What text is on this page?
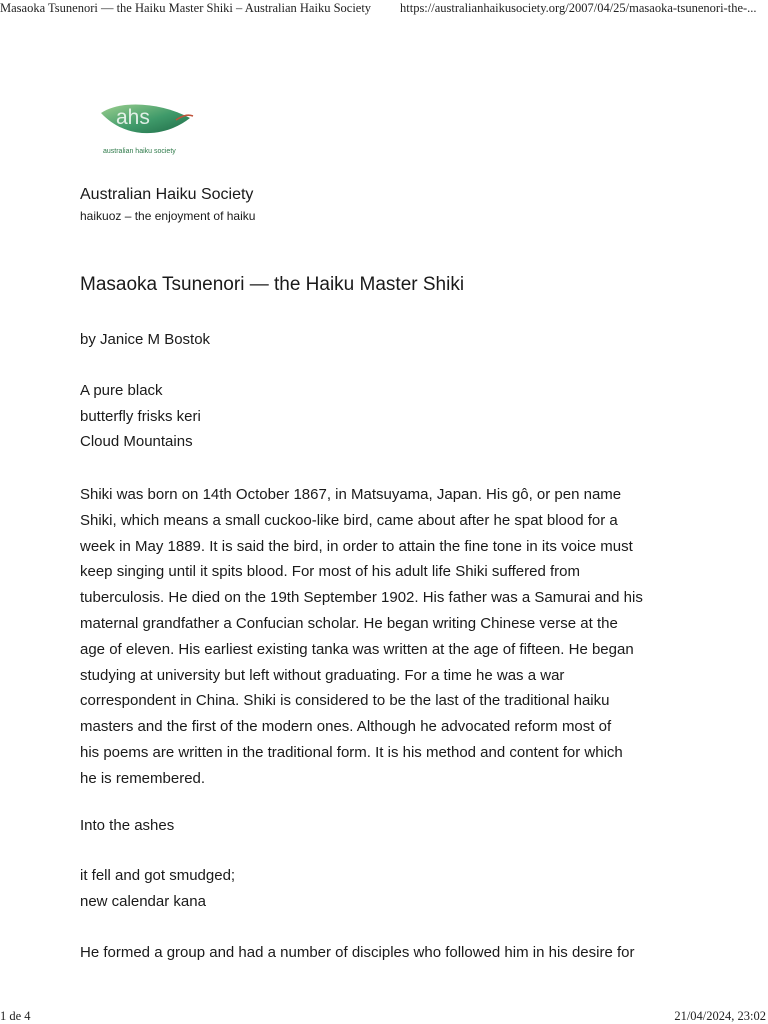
Masaoka Tsunenori — the Haiku Master Shiki – Australian Haiku Society https://australianhaikusociety.org/2007/04/25/masaoka-tsunenori-the-...
ahs
australian haiku society
Australian Haiku Society
haikuoz – the enjoyment of haiku
Masaoka Tsunenori — the Haiku Master Shiki
by Janice M Bostok
A pure black
butterfly frisks keri
Cloud Mountains
Shiki was born on 14th October 1867, in Matsuyama, Japan. His gô, or pen name
Shiki, which means a small cuckoo-like bird, came about after he spat blood for a
week in May 1889. It is said the bird, in order to attain the fine tone in its voice must
keep singing until it spits blood. For most of his adult life Shiki suffered from
tuberculosis. He died on the 19th September 1902. His father was a Samurai and his
maternal grandfather a Confucian scholar. He began writing Chinese verse at the
age of eleven. His earliest existing tanka was written at the age of fifteen. He began
studying at university but left without graduating. For a time he was a war
correspondent in China. Shiki is considered to be the last of the traditional haiku
masters and the first of the modern ones. Although he advocated reform most of
his poems are written in the traditional form. It is his method and content for which
he is remembered.
Into the ashes
it fell and got smudged;
new calendar kana
He formed a group and had a number of disciples who followed him in his desire for
1 de 4	21/04/2024, 23:02
